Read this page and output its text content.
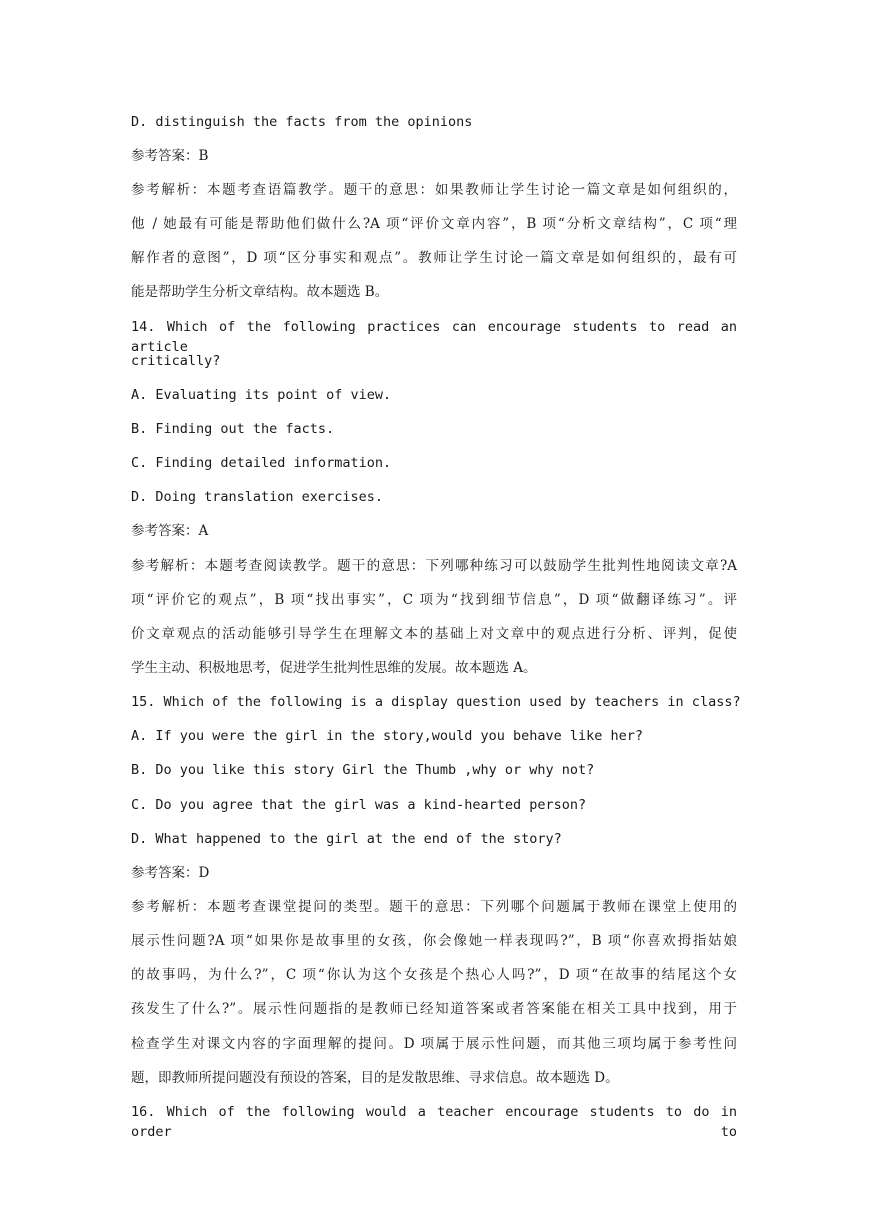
D. distinguish the facts from the opinions
参考答案：B
参考解析：本题考查语篇教学。题干的意思：如果教师让学生讨论一篇文章是如何组织的，
他 / 她最有可能是帮助他们做什么?A 项“评价文章内容”，B 项“分析文章结构”，C 项“理
解作者的意图”，D 项“区分事实和观点”。教师让学生讨论一篇文章是如何组织的，最有可
能是帮助学生分析文章结构。故本题选 B。
14. Which of the following practices can encourage students to read an article
critically?
A. Evaluating its point of view.
B. Finding out the facts.
C. Finding detailed information.
D. Doing translation exercises.
参考答案：A
参考解析：本题考查阅读教学。题干的意思：下列哪种练习可以鼓励学生批判性地阅读文章?A
项“评价它的观点”，B 项“找出事实”，C 项为“找到细节信息”，D 项“做翻译练习”。评
价文章观点的活动能够引导学生在理解文本的基础上对文章中的观点进行分析、评判，促使
学生主动、积极地思考，促进学生批判性思维的发展。故本题选 A。
15. Which of the following is a display question used by teachers in class?
A. If you were the girl in the story,would you behave like her?
B. Do you like this story Girl the Thumb ,why or why not?
C. Do you agree that the girl was a kind-hearted person?
D. What happened to the girl at the end of the story?
参考答案：D
参考解析：本题考查课堂提问的类型。题干的意思：下列哪个问题属于教师在课堂上使用的
展示性问题?A 项“如果你是故事里的女孩，你会像她一样表现吗?”，B 项“你喜欢拇指姑娘
的故事吗，为什么?”，C 项“你认为这个女孩是个热心人吗?”，D 项“在故事的结尾这个女
孩发生了什么?”。展示性问题指的是教师已经知道答案或者答案能在相关工具中找到，用于
检查学生对课文内容的字面理解的提问。D 项属于展示性问题，而其他三项均属于参考性问
题，即教师所提问题没有预设的答案，目的是发散思维、寻求信息。故本题选 D。
16. Which of the following would a teacher encourage students to do in order to
